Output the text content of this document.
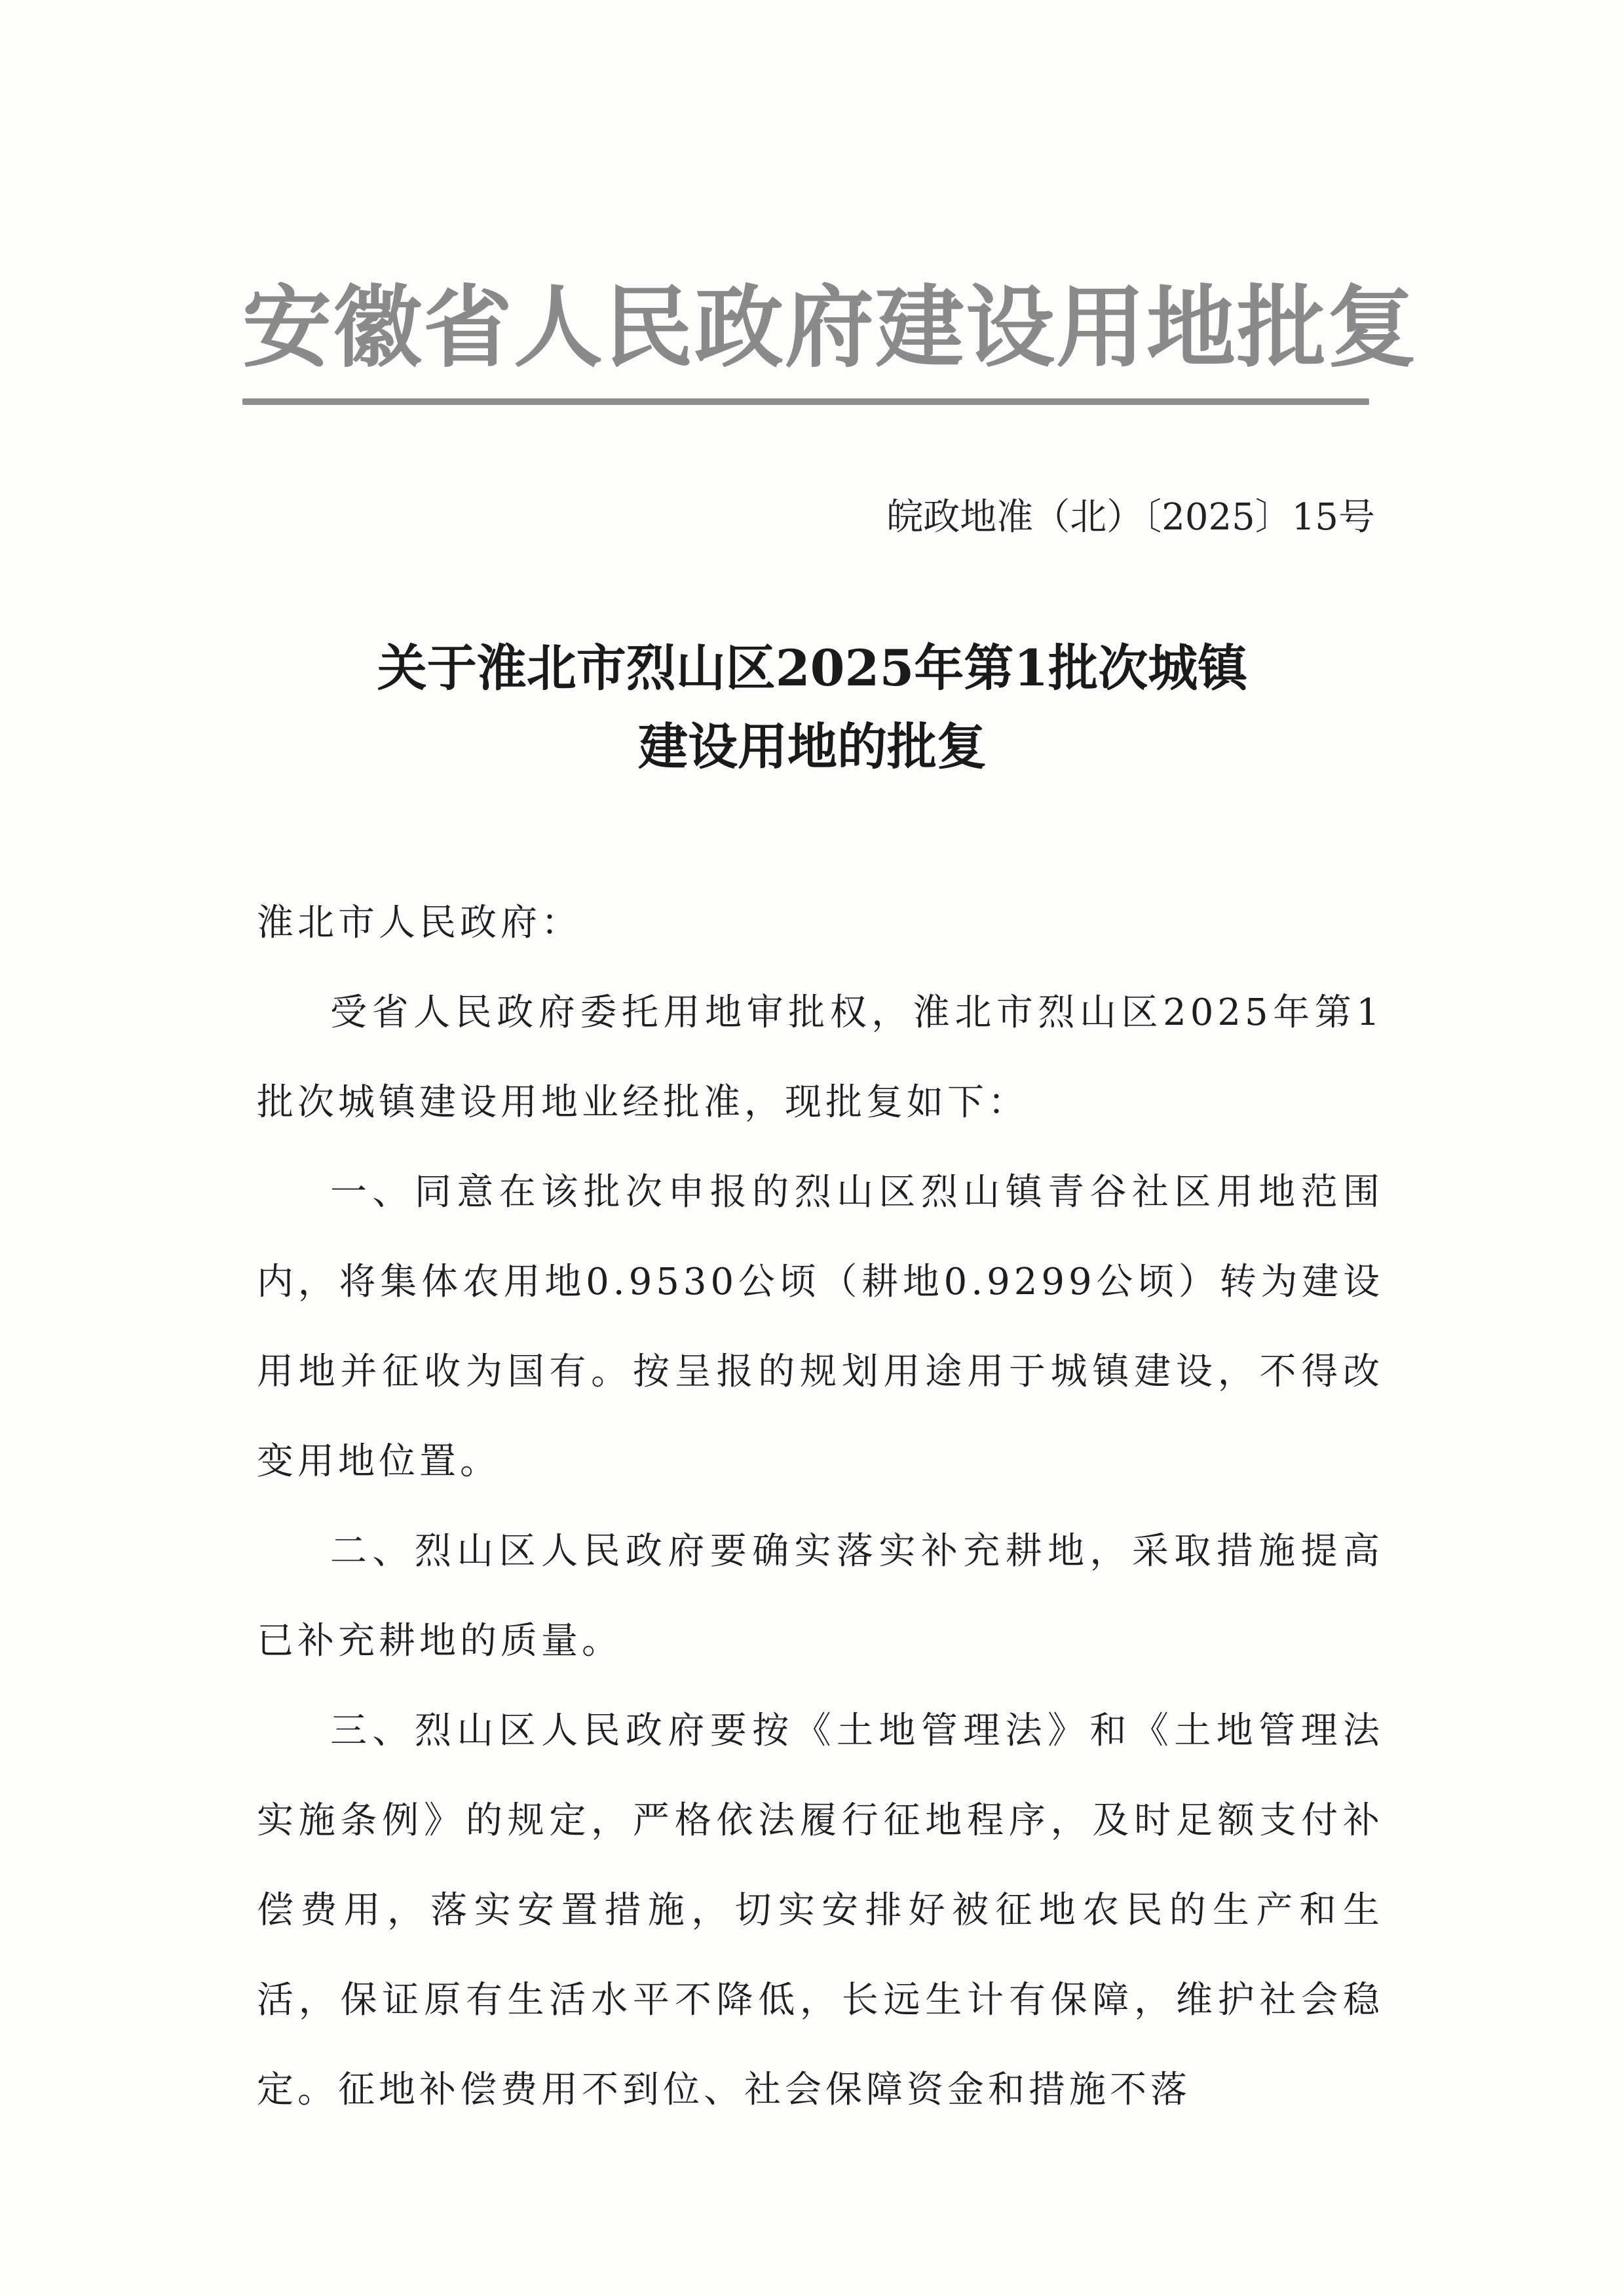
安徽省人民政府建设用地批复
皖政地准（北）〔2025〕15号
关于淮北市烈山区2025年第1批次城镇
建设用地的批复

淮北市人民政府：

受省人民政府委托用地审批权，淮北市烈山区2025年第1批次城镇建设用地业经批准，现批复如下：

一、同意在该批次申报的烈山区烈山镇青谷社区用地范围内，将集体农用地0.9530公顷（耕地0.9299公顷）转为建设用地并征收为国有。按呈报的规划用途用于城镇建设，不得改变用地位置。

二、烈山区人民政府要确实落实补充耕地，采取措施提高已补充耕地的质量。

三、烈山区人民政府要按《土地管理法》和《土地管理法实施条例》的规定，严格依法履行征地程序，及时足额支付补偿费用，落实安置措施，切实安排好被征地农民的生产和生活，保证原有生活水平不降低，长远生计有保障，维护社会稳定。征地补偿费用不到位、社会保障资金和措施不落
